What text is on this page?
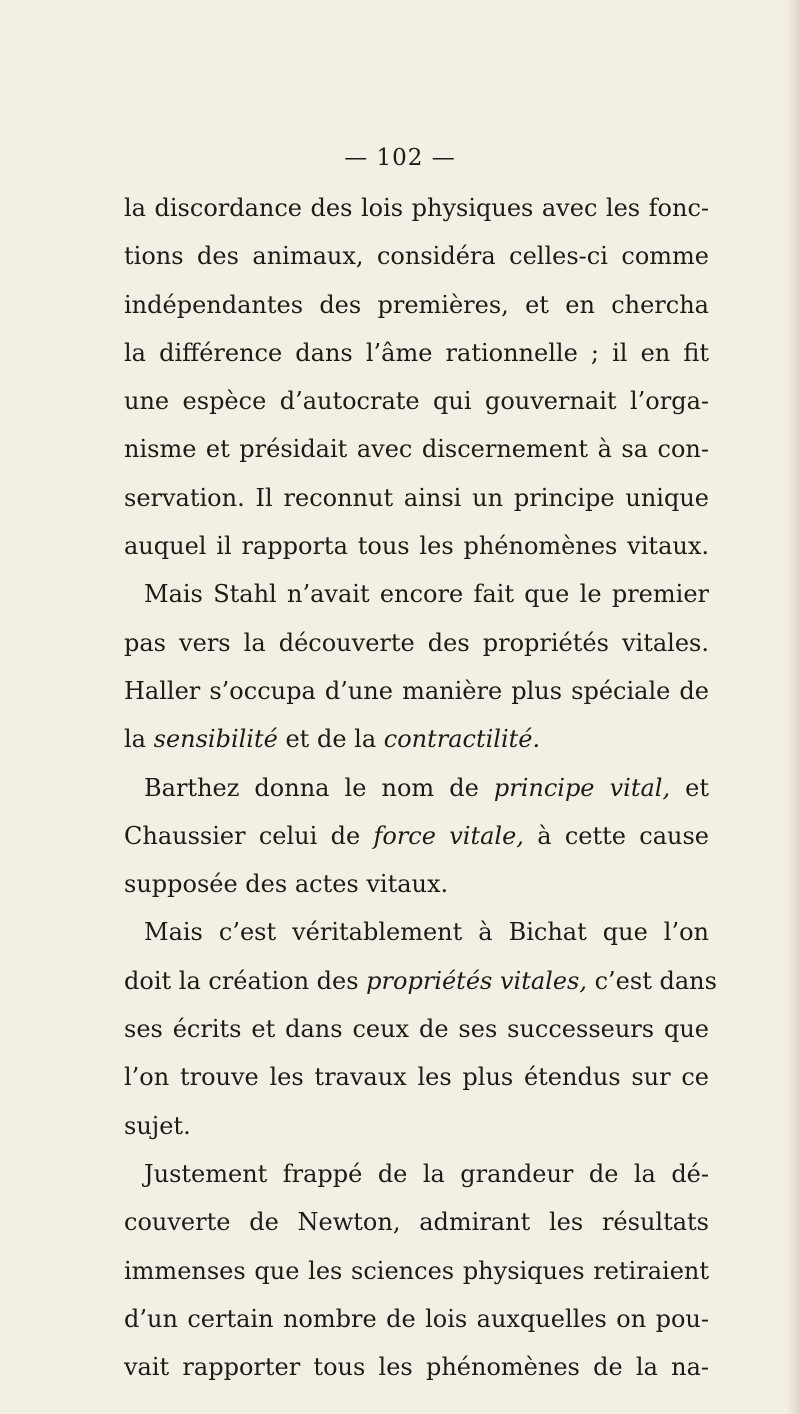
— 102 —
la discordance des lois physiques avec les fonc-
tions des animaux, considéra celles-ci comme
indépendantes des premières, et en chercha
la différence dans l’âme rationnelle ; il en fit
une espèce d’autocrate qui gouvernait l’orga-
nisme et présidait avec discernement à sa con-
servation. Il reconnut ainsi un principe unique
auquel il rapporta tous les phénomènes vitaux.
Mais Stahl n’avait encore fait que le premier
pas vers la découverte des propriétés vitales.
Haller s’occupa d’une manière plus spéciale de
la sensibilité et de la contractilité.
Barthez donna le nom de principe vital, et
Chaussier celui de force vitale, à cette cause
supposée des actes vitaux.
Mais c’est véritablement à Bichat que l’on
doit la création des propriétés vitales, c’est dans
ses écrits et dans ceux de ses successeurs que
l’on trouve les travaux les plus étendus sur ce
sujet.
Justement frappé de la grandeur de la dé-
couverte de Newton, admirant les résultats
immenses que les sciences physiques retiraient
d’un certain nombre de lois auxquelles on pou-
vait rapporter tous les phénomènes de la na-
